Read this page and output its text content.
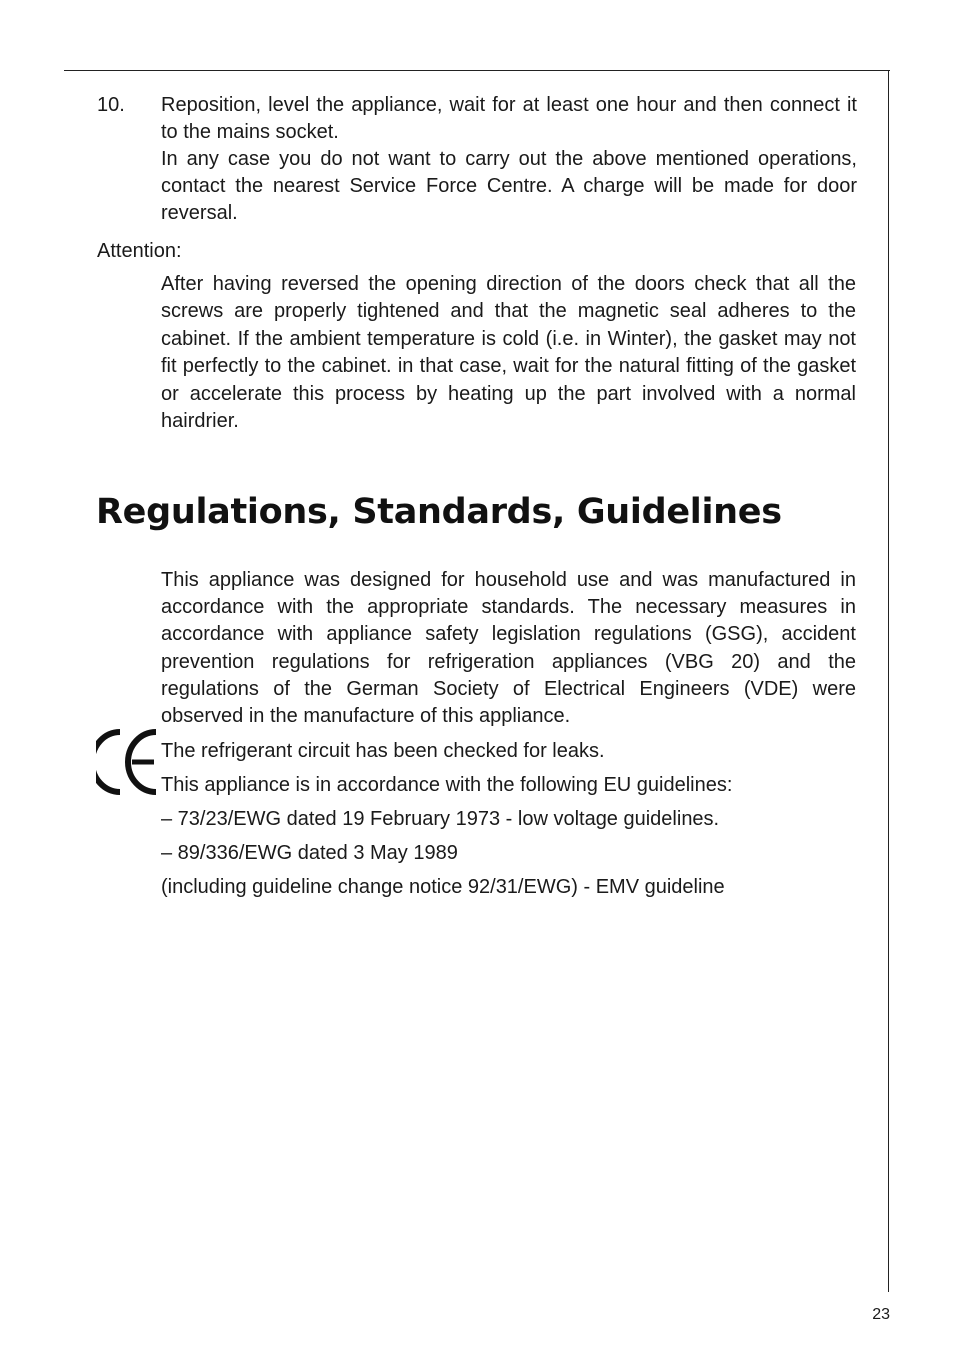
10.	Reposition, level the appliance, wait for at least one hour and then connect it to the mains socket.

In any case you do not want to carry out the above mentioned operations, contact the nearest Service Force Centre. A charge will be made for door reversal.

Attention:

After having reversed the opening direction of the doors check that all the screws are properly tightened and that the magnetic seal adheres to the cabinet. If the ambient temperature is cold (i.e. in Winter), the gasket may not fit perfectly to the cabinet. in that case, wait for the natural fitting of the gasket or accelerate this process by heating up the part involved with a normal hairdrier.

Regulations, Standards, Guidelines

This appliance was designed for household use and was manufactured in accordance with the appropriate standards. The necessary measures in accordance with appliance safety legislation regulations (GSG), accident prevention regulations for refrigeration appliances (VBG 20) and the regulations of the German Society of Electrical Engineers (VDE) were observed in the manufacture of this appliance.

The refrigerant circuit has been checked for leaks.

This appliance is in accordance with the following EU guidelines:

– 73/23/EWG dated 19 February 1973 - low voltage guidelines.

– 89/336/EWG dated 3 May 1989

(including guideline change notice 92/31/EWG) - EMV guideline

23
